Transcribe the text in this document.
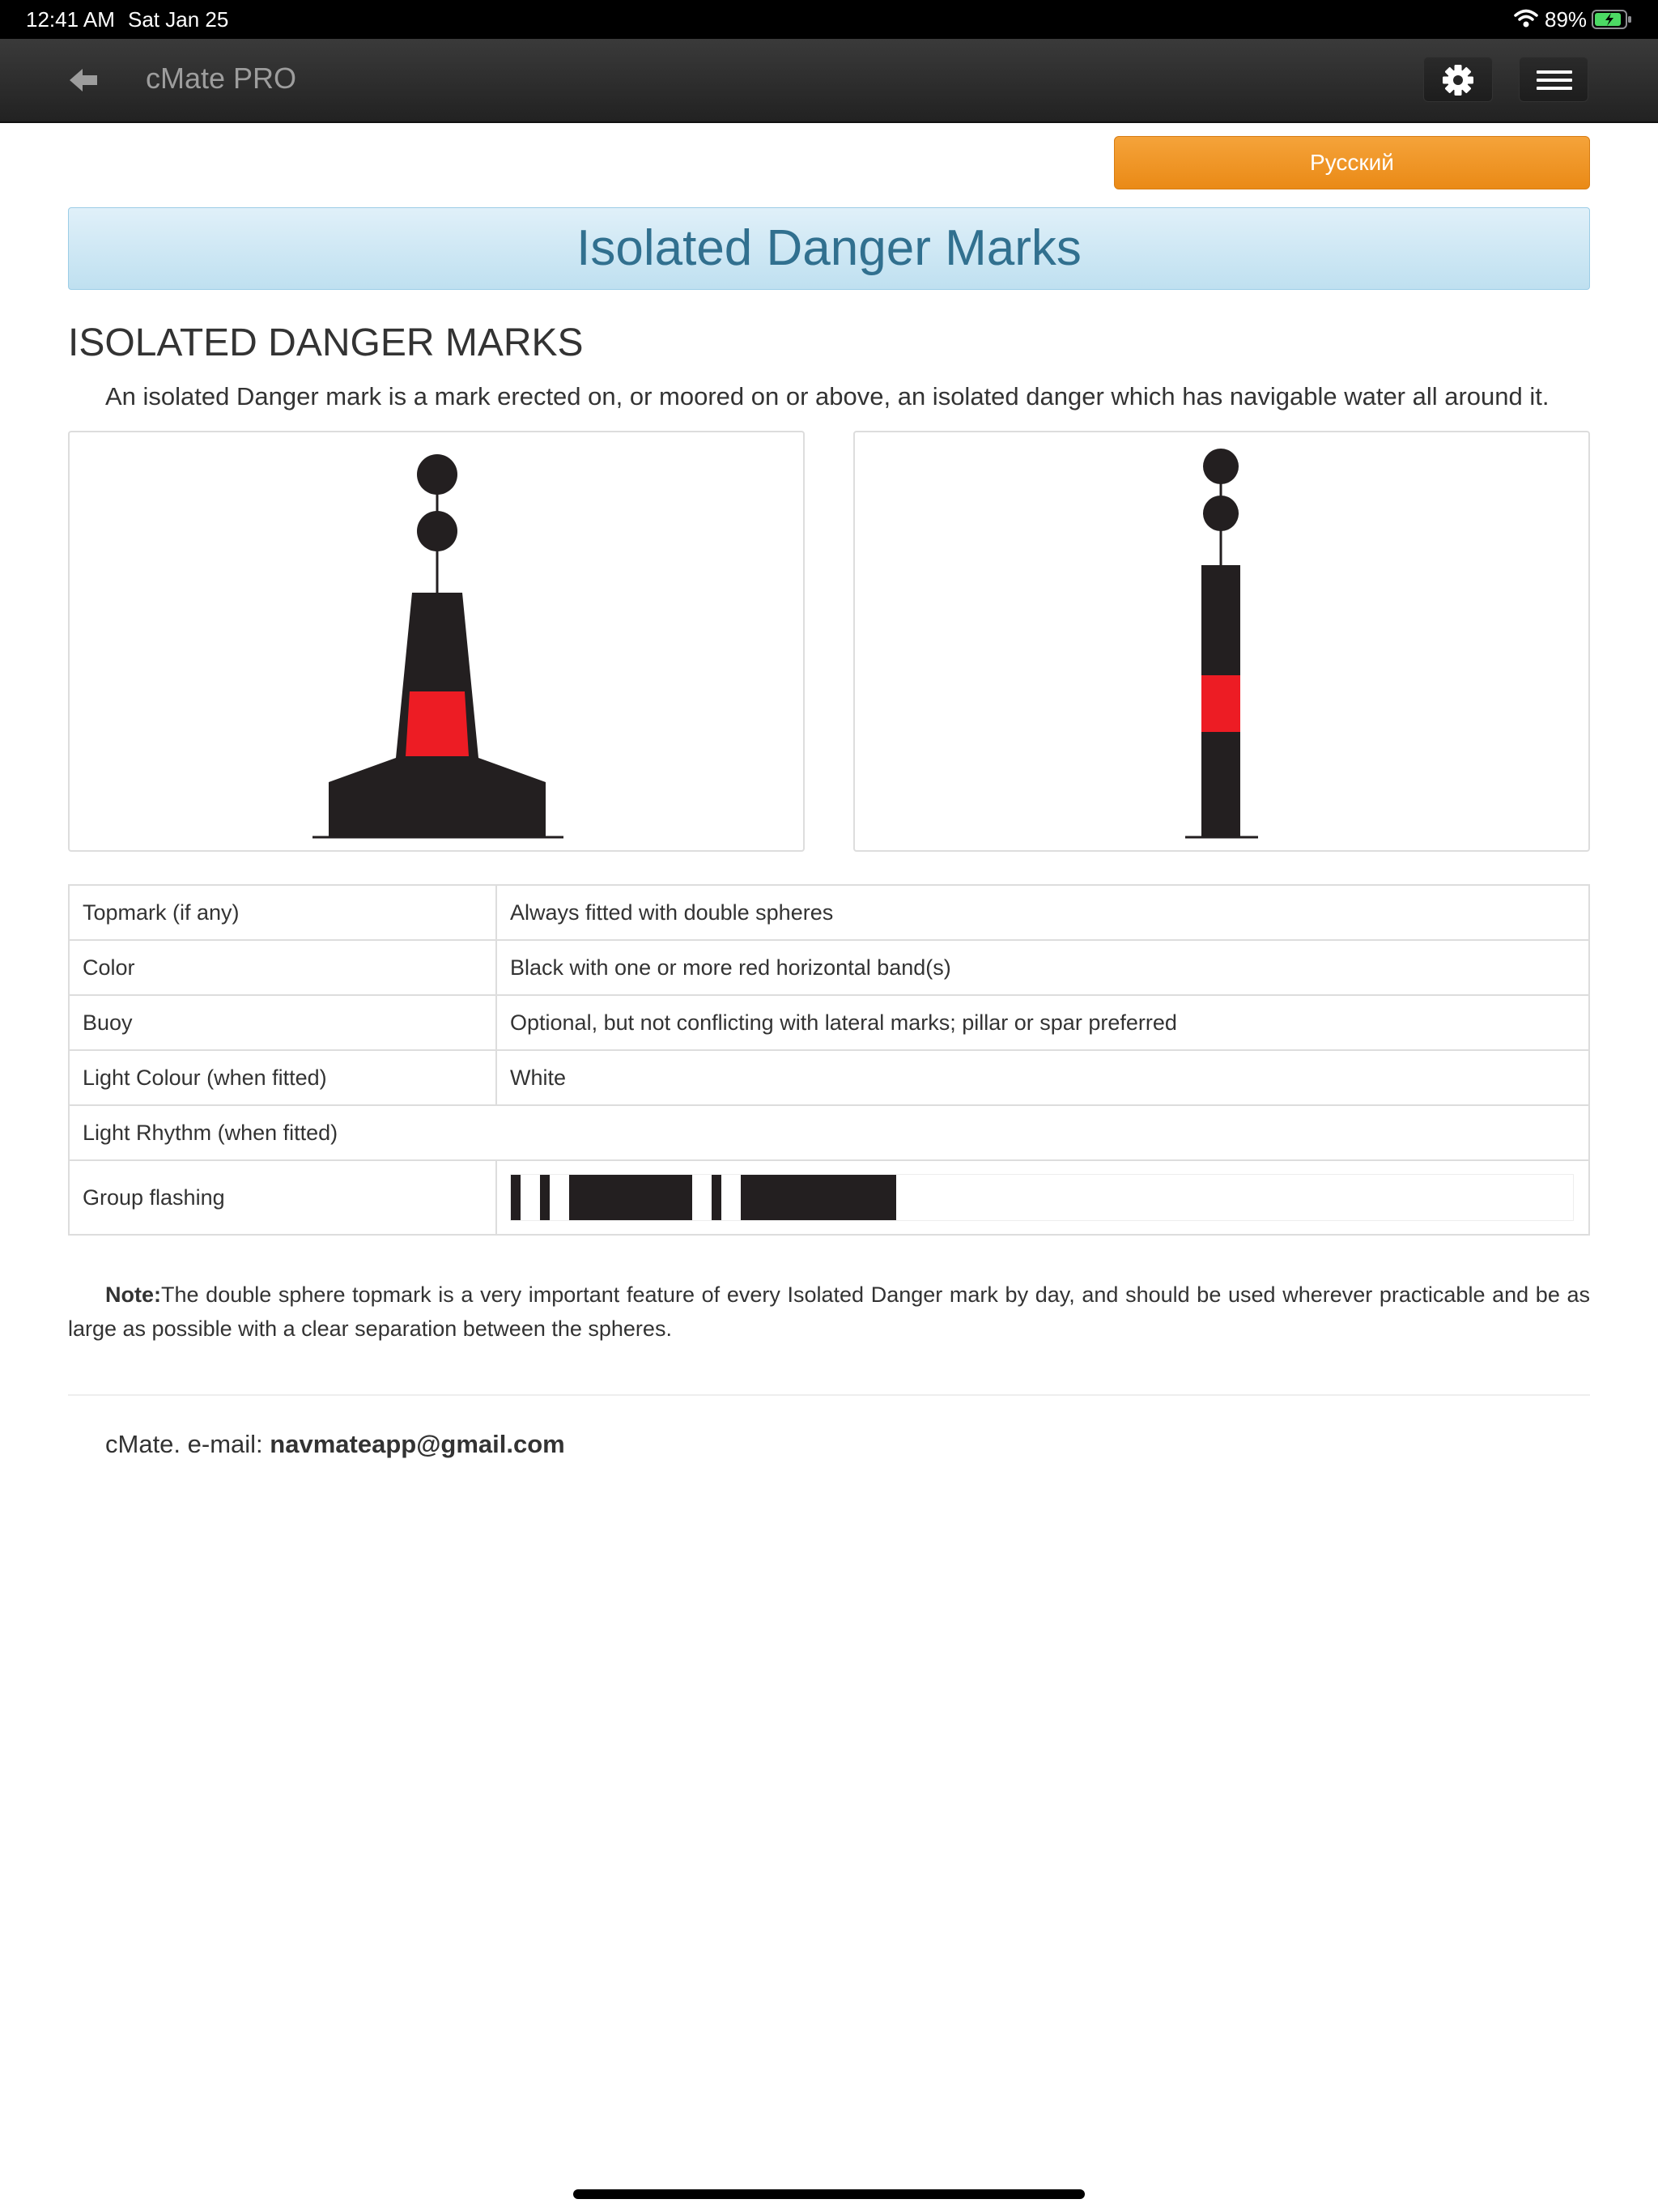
12:41 AM Sat Jan 25	89%
cMate PRO
Русский
Isolated Danger Marks
ISOLATED DANGER MARKS
An isolated Danger mark is a mark erected on, or moored on or above, an isolated danger which has navigable water all around it.
Topmark (if any)	Always fitted with double spheres
Color	Black with one or more red horizontal band(s)
Buoy	Optional, but not conflicting with lateral marks; pillar or spar preferred
Light Colour (when fitted)	White
Light Rhythm (when fitted)	
Group flashing	

Note:The double sphere topmark is a very important feature of every Isolated Danger mark by day, and should be used wherever practicable and be as large as possible with a clear separation between the spheres.

cMate. e-mail: navmateapp@gmail.com
